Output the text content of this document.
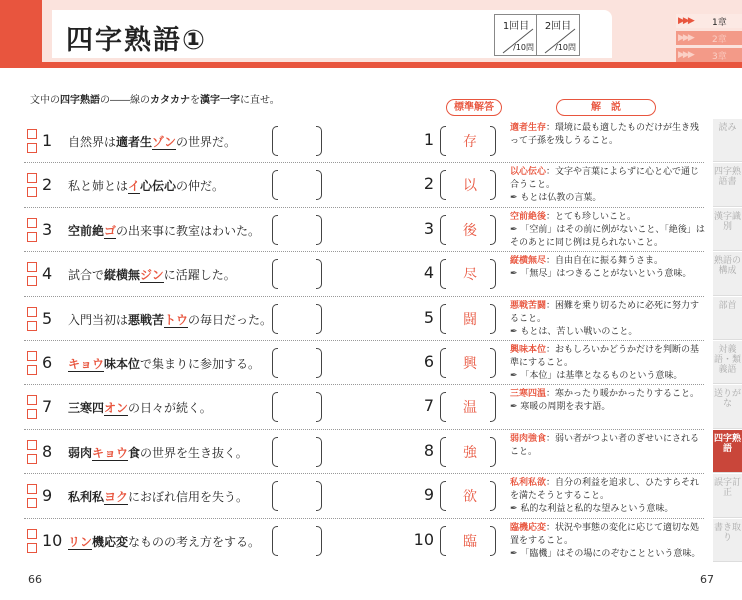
四字熟語①	1回目
/10問
2回目
/10問
▶▶▶ 1章
▶▶▶ 2章
▶▶▶ 3章
文中の四字熟語の――線のカタカナを漢字一字に直せ。
標準解答	解　説
1 自然界は適者生ゾンの世界だ。	1	存
適者生存：環境に最も適したものだけが生き残って子孫を残しうること。
2 私と姉とはイ心伝心の仲だ。	2	以
以心伝心：文字や言葉によらずに心と心で通じ合うこと。
✒ もとは仏教の言葉。
3 空前絶ゴの出来事に教室はわいた。	3	後
空前絶後：とても珍しいこと。
✒ 「空前」はその前に例がないこと、「絶後」はそのあとに同じ例は見られないこと。
4 試合で縦横無ジンに活躍した。	4	尽
縦横無尽：自由自在に振る舞うさま。
✒ 「無尽」はつきることがないという意味。
5 入門当初は悪戦苦トウの毎日だった。	5	闘
悪戦苦闘：困難を乗り切るために必死に努力すること。
✒ もとは、苦しい戦いのこと。
6 キョウ味本位で集まりに参加する。	6	興
興味本位：おもしろいかどうかだけを判断の基準にすること。
✒ 「本位」は基準となるものという意味。
7 三寒四オンの日々が続く。	7	温
三寒四温：寒かったり暖かかったりすること。
✒ 寒暖の周期を表す語。
8 弱肉キョウ食の世界を生き抜く。	8	強
弱肉強食：弱い者がつよい者のぎせいにされること。
9 私利私ヨクにおぼれ信用を失う。	9	欲
私利私欲：自分の利益を追求し、ひたすらそれを満たそうとすること。
✒ 私的な利益と私的な望みという意味。
10 リン機応変なものの考え方をする。	10	臨
臨機応変：状況や事態の変化に応じて適切な処置をすること。
✒ 「臨機」はその場にのぞむことという意味。
読み
四字熟語書
漢字識別
熟語の構成
部首
対義語・類義語
送りがな
四字熟語
誤字訂正
書き取り
66	67
